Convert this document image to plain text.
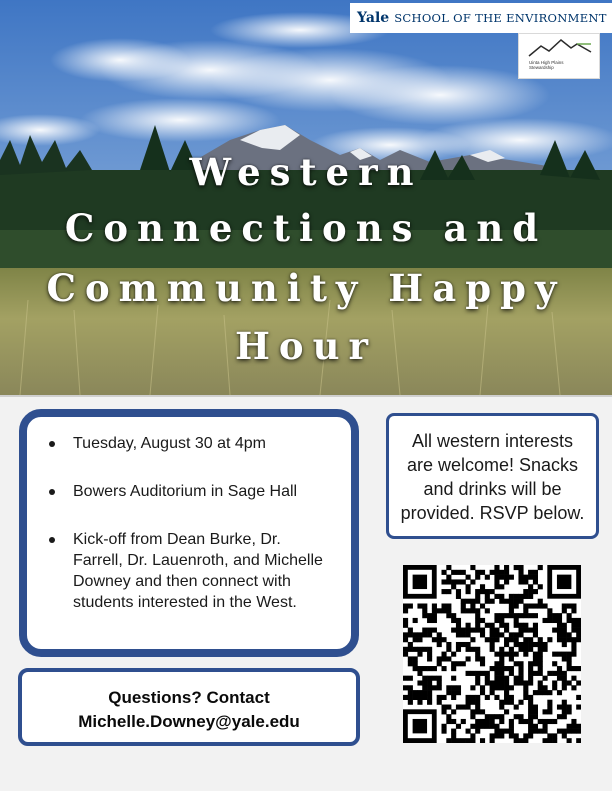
Western
Connections and
Community Happy
Hour
Yale SCHOOL OF THE ENVIRONMENT
Uinta High Plains Stewardship
Tuesday, August 30 at 4pm
Bowers Auditorium in Sage Hall
Kick-off from Dean Burke, Dr.
Farrell, Dr. Lauenroth, and Michelle
Downey and then connect with
students interested in the West.
All western interests
are welcome! Snacks
and drinks will be
provided. RSVP below.
Questions? Contact
Michelle.Downey@yale.edu
